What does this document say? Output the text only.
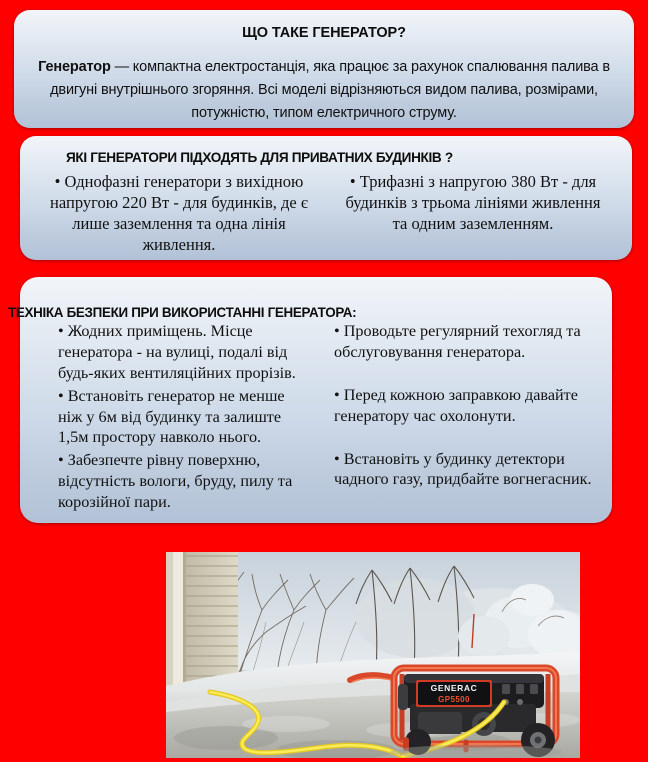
ЩО ТАКЕ ГЕНЕРАТОР?

Генератор — компактна електростанція, яка працює за рахунок спалювання палива в двигуні внутрішнього згоряння. Всі моделі відрізняються видом палива, розмірами, потужністю, типом електричного струму.

ЯКІ ГЕНЕРАТОРИ ПІДХОДЯТЬ ДЛЯ ПРИВАТНИХ БУДИНКІВ ?
• Однофазні генератори з вихідною напругою 220 Вт - для будинків, де є лише заземлення та одна лінія живлення.
• Трифазні з напругою 380 Вт - для будинків з трьома лініями живлення та одним заземленням.
ТЕХНІКА БЕЗПЕКИ ПРИ ВИКОРИСТАННІ ГЕНЕРАТОРА:

• Жодних приміщень. Місце генератора - на вулиці, подалі від будь-яких вентиляційних прорізів.

• Встановіть генератор не менше ніж у 6м від будинку та залиште 1,5м простору навколо нього.

• Забезпечте рівну поверхню, відсутність вологи, бруду, пилу та корозійної пари.

• Проводьте регулярний техогляд та обслуговування генератора.

• Перед кожною заправкою давайте генератору час охолонути.

• Встановіть у будинку детектори чадного газу, придбайте вогнегасник.

GENERAC
GP5500
